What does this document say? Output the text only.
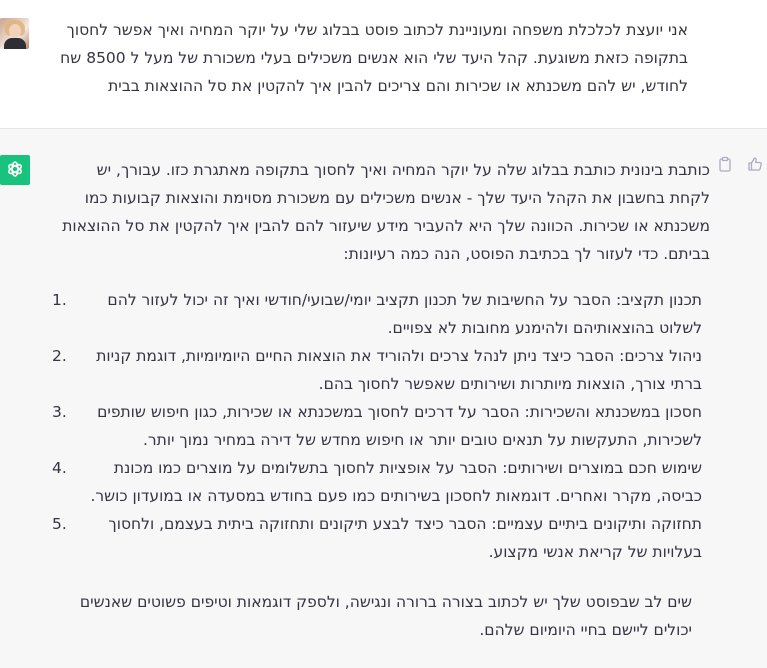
אני יועצת לכלכלת משפחה ומעוניינת לכתוב פוסט בבלוג שלי על יוקר המחיה ואיך אפשר לחסוך בתקופה כזאת משוגעת. קהל היעד שלי הוא אנשים משכילים בעלי משכורת של מעל ל 8500 שח לחודש, יש להם משכנתא או שכירות והם צריכים להבין איך להקטין את סל ההוצאות בבית
כותבת בינונית כותבת בבלוג שלה על יוקר המחיה ואיך לחסוך בתקופה מאתגרת כזו. עבורך, יש לקחת בחשבון את הקהל היעד שלך - אנשים משכילים עם משכורת מסוימת והוצאות קבועות כמו משכנתא או שכירות. הכוונה שלך היא להעביר מידע שיעזור להם להבין איך להקטין את סל ההוצאות בביתם. כדי לעזור לך בכתיבת הפוסט, הנה כמה רעיונות:
1.	תכנון תקציב: הסבר על החשיבות של תכנון תקציב יומי/שבועי/חודשי ואיך זה יכול לעזור להם לשלוט בהוצאותיהם ולהימנע מחובות לא צפויים.
2. ניהול צרכים: הסבר כיצד ניתן לנהל צרכים ולהוריד את הוצאות החיים היומיומיות, דוגמת קניות ברתי צורך, הוצאות מיותרות ושירותים שאפשר לחסוך בהם.
3. חסכון במשכנתא והשכירות: הסבר על דרכים לחסוך במשכנתא או שכירות, כגון חיפוש שותפים לשכירות, התעקשות על תנאים טובים יותר או חיפוש מחדש של דירה במחיר נמוך יותר.
4.	שימוש חכם במוצרים ושירותים: הסבר על אופציות לחסוך בתשלומים על מוצרים כמו מכונת כביסה, מקרר ואחרים. דוגמאות לחסכון בשירותים כמו פעם בחודש במסעדה או במועדון כושר.
5.	תחזוקה ותיקונים ביתיים עצמיים: הסבר כיצד לבצע תיקונים ותחזוקה ביתית בעצמם, ולחסוך בעלויות של קריאת אנשי מקצוע.
שים לב שבפוסט שלך יש לכתוב בצורה ברורה ונגישה, ולספק דוגמאות וטיפים פשוטים שאנשים יכולים ליישם בחיי היומיום שלהם.
